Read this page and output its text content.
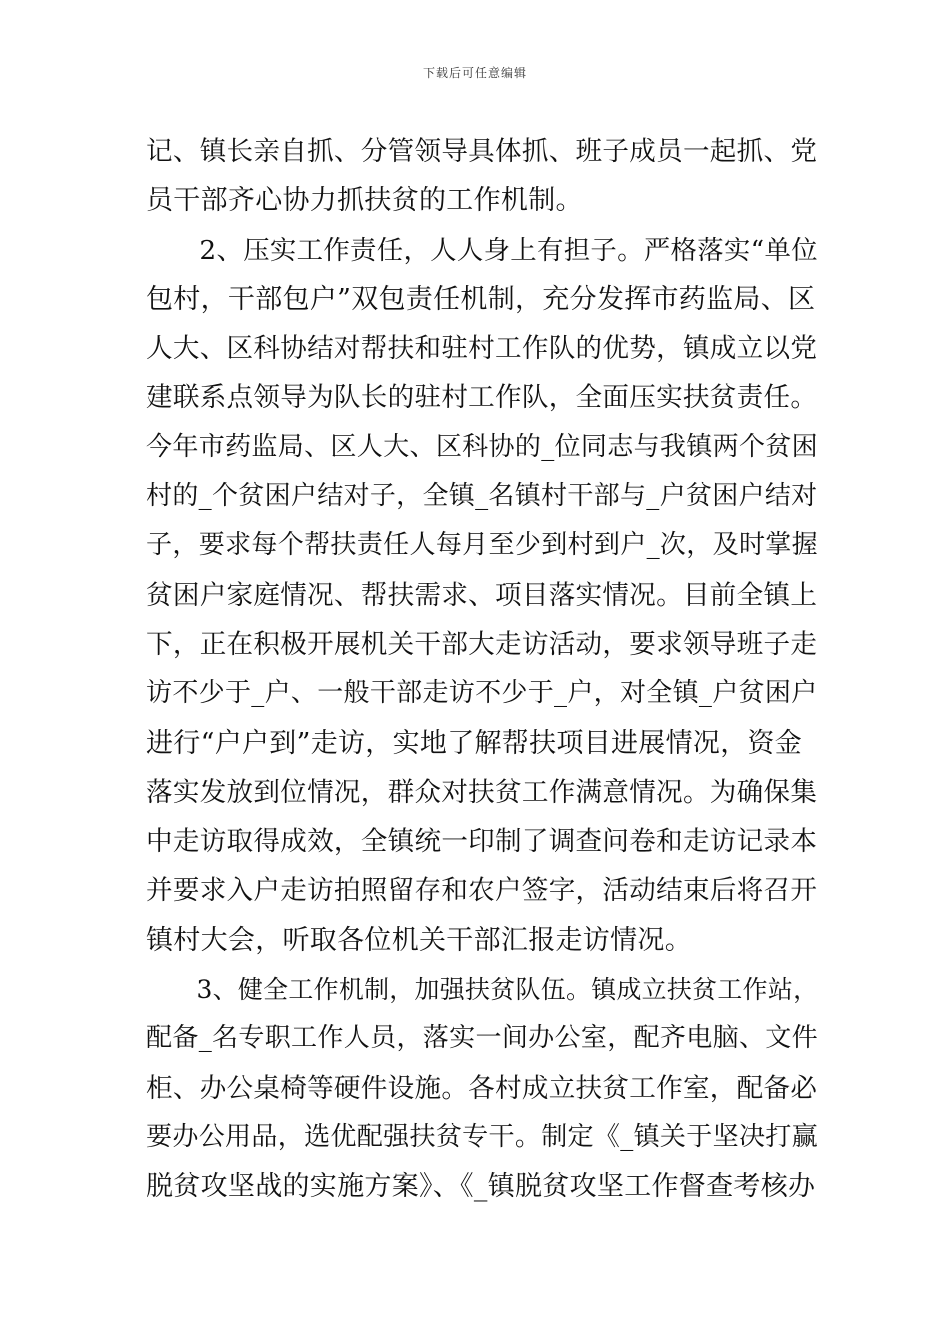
下载后可任意编辑
记、镇长亲自抓、分管领导具体抓、班子成员一起抓、党
员干部齐心协力抓扶贫的工作机制。
　　2、压实工作责任，人人身上有担子。严格落实“单位
包村，干部包户”双包责任机制，充分发挥市药监局、区
人大、区科协结对帮扶和驻村工作队的优势，镇成立以党
建联系点领导为队长的驻村工作队，全面压实扶贫责任。
今年市药监局、区人大、区科协的_位同志与我镇两个贫困
村的_个贫困户结对子，全镇_名镇村干部与_户贫困户结对
子，要求每个帮扶责任人每月至少到村到户_次，及时掌握
贫困户家庭情况、帮扶需求、项目落实情况。目前全镇上
下，正在积极开展机关干部大走访活动，要求领导班子走
访不少于_户、一般干部走访不少于_户，对全镇_户贫困户
进行“户户到”走访，实地了解帮扶项目进展情况，资金
落实发放到位情况，群众对扶贫工作满意情况。为确保集
中走访取得成效，全镇统一印制了调查问卷和走访记录本
并要求入户走访拍照留存和农户签字，活动结束后将召开
镇村大会，听取各位机关干部汇报走访情况。
　　3、健全工作机制，加强扶贫队伍。镇成立扶贫工作站，
配备_名专职工作人员，落实一间办公室，配齐电脑、文件
柜、办公桌椅等硬件设施。各村成立扶贫工作室，配备必
要办公用品，选优配强扶贫专干。制定《_镇关于坚决打赢
脱贫攻坚战的实施方案》、《_镇脱贫攻坚工作督查考核办
